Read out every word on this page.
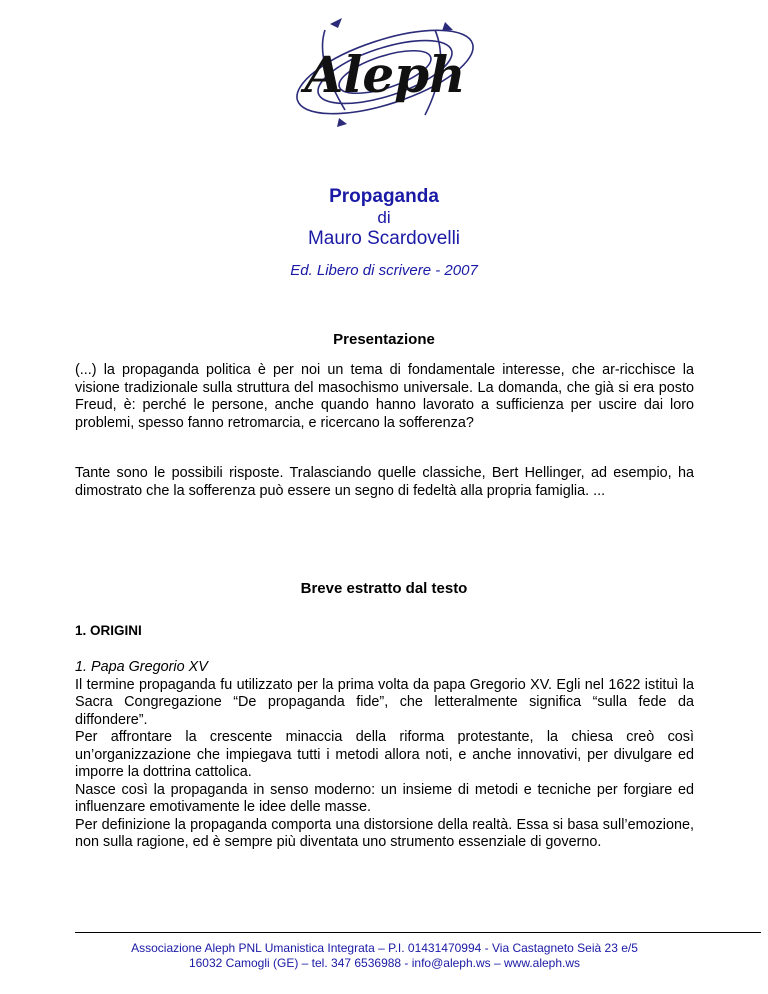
Aleph
Propaganda
di
Mauro Scardovelli
Ed. Libero di scrivere - 2007
Presentazione

(...) la propaganda politica è per noi un tema di fondamentale interesse, che ar-ricchisce la visione tradizionale sulla struttura del masochismo universale. La domanda, che già si era posto Freud, è: perché le persone, anche quando hanno lavorato a sufficienza per uscire dai loro problemi, spesso fanno retromarcia, e ricercano la sofferenza?

Tante sono le possibili risposte. Tralasciando quelle classiche, Bert Hellinger, ad esempio, ha dimostrato che la sofferenza può essere un segno di fedeltà alla propria famiglia. ...

Breve estratto dal testo
1. ORIGINI

1. Papa Gregorio XV

Il termine propaganda fu utilizzato per la prima volta da papa Gregorio XV. Egli nel 1622 istituì la Sacra Congregazione “De propaganda fide”, che letteralmente significa “sulla fede da diffondere”.

Per affrontare la crescente minaccia della riforma protestante, la chiesa creò così un’organizzazione che impiegava tutti i metodi allora noti, e anche innovativi, per divulgare ed imporre la dottrina cattolica.

Nasce così la propaganda in senso moderno: un insieme di metodi e tecniche per forgiare ed influenzare emotivamente le idee delle masse.

Per definizione la propaganda comporta una distorsione della realtà. Essa si basa sull’emozione, non sulla ragione, ed è sempre più diventata uno strumento essenziale di governo.

Associazione Aleph PNL Umanistica Integrata – P.I. 01431470994 - Via Castagneto Seià 23 e/5
16032 Camogli (GE) – tel. 347 6536988 - info@aleph.ws – www.aleph.ws
